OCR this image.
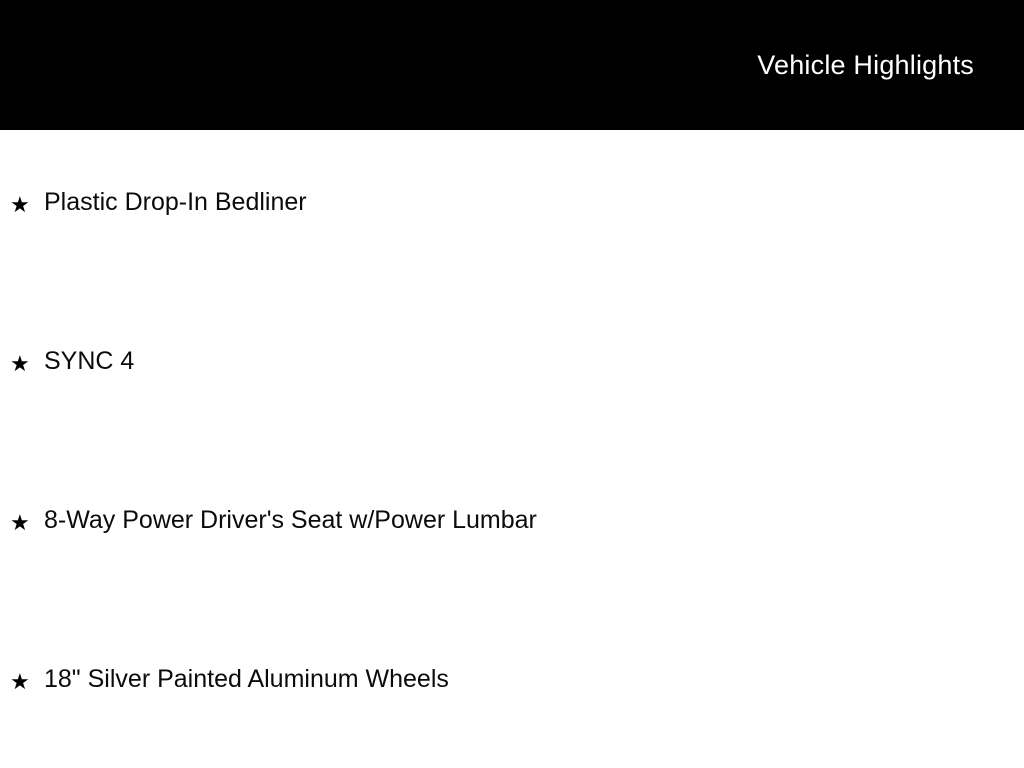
Vehicle Highlights
★ Plastic Drop-In Bedliner
★ SYNC 4
★ 8-Way Power Driver's Seat w/Power Lumbar
★ 18" Silver Painted Aluminum Wheels
